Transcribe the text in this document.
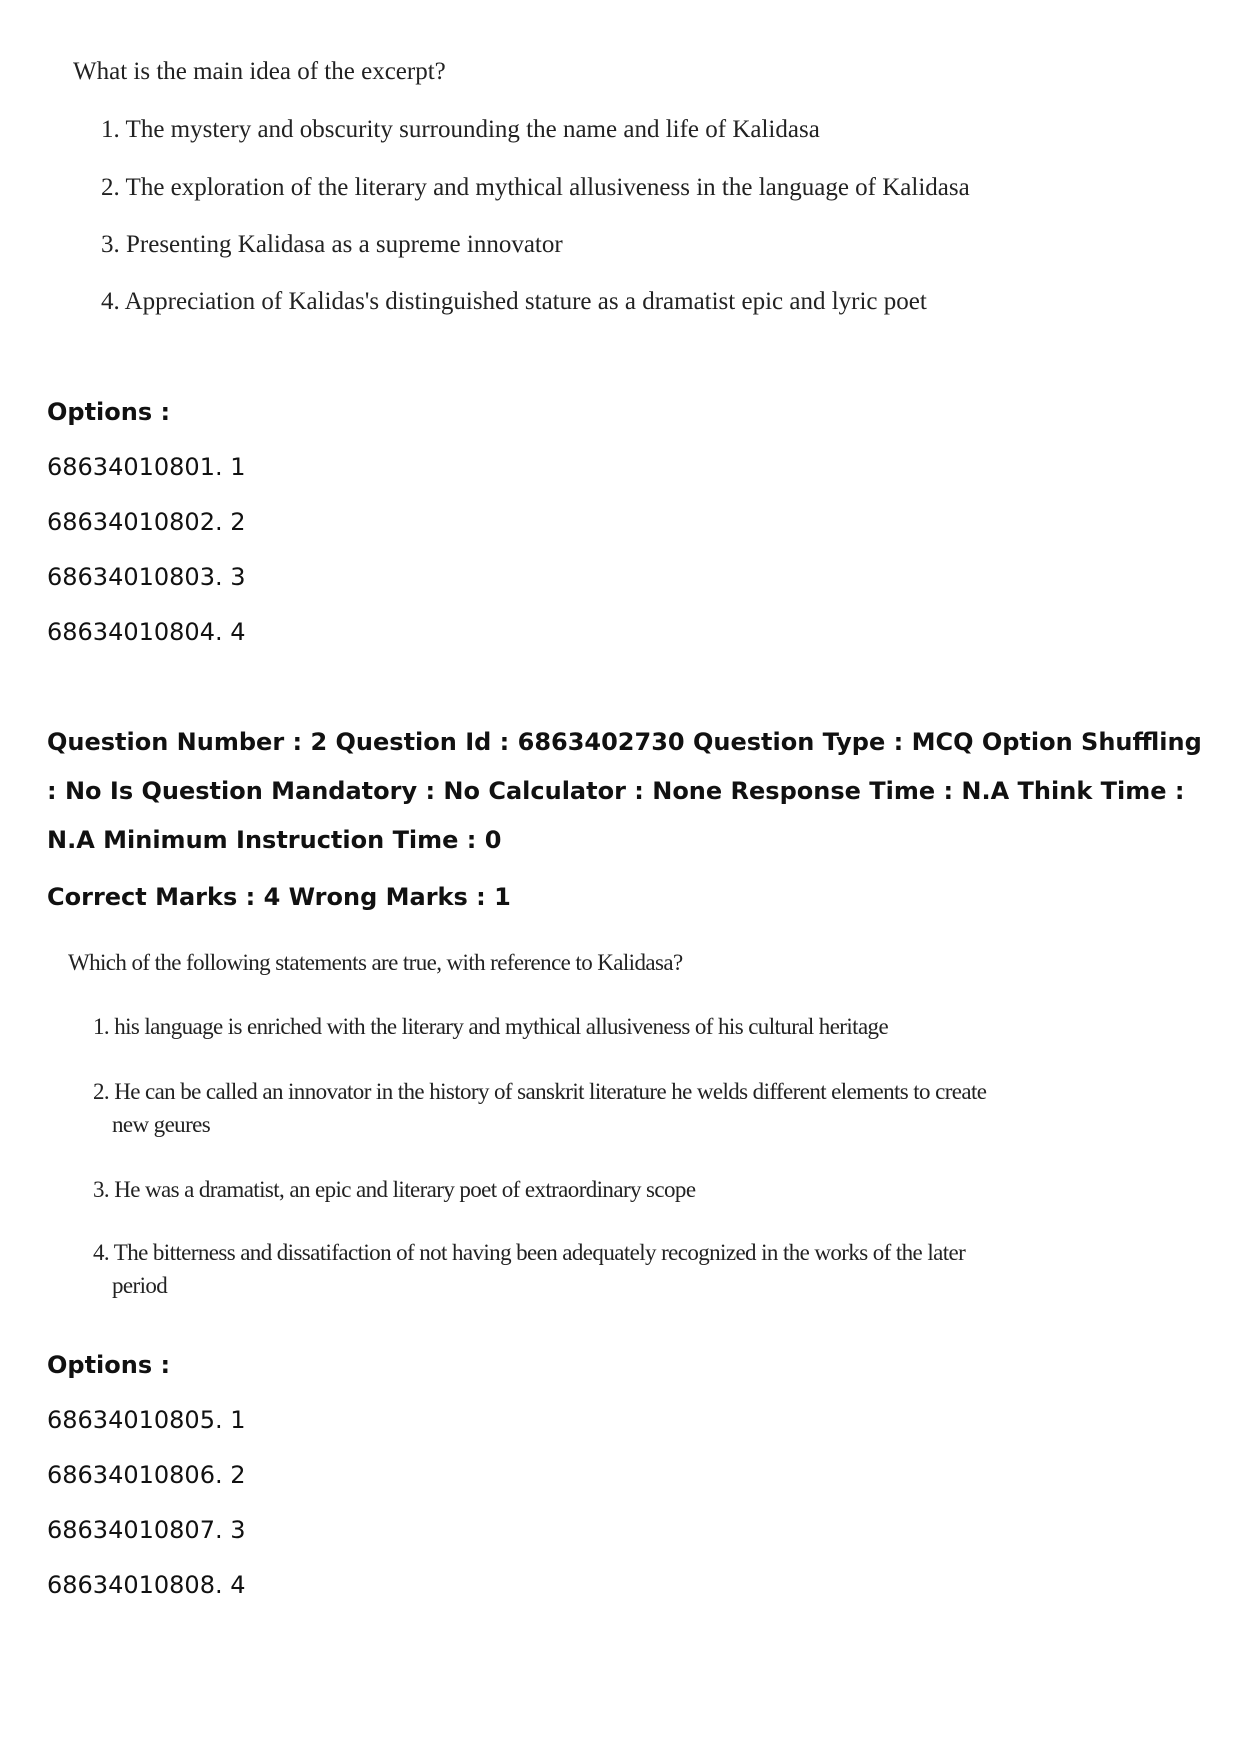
What is the main idea of the excerpt?
1. The mystery and obscurity surrounding the name and life of Kalidasa
2. The exploration of the literary and mythical allusiveness in the language of Kalidasa
3. Presenting Kalidasa as a supreme innovator
4. Appreciation of Kalidas's distinguished stature as a dramatist epic and lyric poet
Options :
68634010801. 1
68634010802. 2
68634010803. 3
68634010804. 4
Question Number : 2 Question Id : 6863402730 Question Type : MCQ Option Shuffling : No Is Question Mandatory : No Calculator : None Response Time : N.A Think Time : N.A Minimum Instruction Time : 0
Correct Marks : 4 Wrong Marks : 1
Which of the following statements are true, with reference to Kalidasa?
1. his language is enriched with the literary and mythical allusiveness of his cultural heritage
2. He can be called an innovator in the history of sanskrit literature he welds different elements to create
new geures
3. He was a dramatist, an epic and literary poet of extraordinary scope
4. The bitterness and dissatifaction of not having been adequately recognized in the works of the later
period
Options :
68634010805. 1
68634010806. 2
68634010807. 3
68634010808. 4
